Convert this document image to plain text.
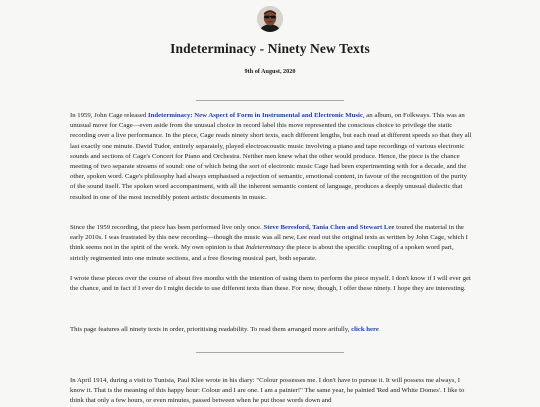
Indeterminacy - Ninety New Texts
9th of August, 2020

In 1959, John Cage released Indeterminacy: New Aspect of Form in Instrumental and Electronic Music, an album, on Folkways. This was an unusual move for Cage—even aside from the unusual choice in record label this move represented the conscious choice to privilege the static recording over a live performance. In the piece, Cage reads ninety short texts, each different lengths, but each read at different speeds so that they all last exactly one minute. David Tudor, entirely separately, played electroacoustic music involving a piano and tape recordings of various electronic sounds and sections of Cage's Concert for Piano and Orchestra. Neither men knew what the other would produce. Hence, the piece is the chance meeting of two separate streams of sound: one of which being the sort of electronic music Cage had been experimenting with for a decade, and the other, spoken word. Cage's philosophy had always emphasised a rejection of semantic, emotional content, in favour of the recognition of the purity of the sound itself. The spoken word accompaniment, with all the inherent semantic content of language, produces a deeply unusual dialectic that resulted in one of the most incredibly potent artistic documents in music.

Since the 1959 recording, the piece has been performed live only once. Steve Beresford, Tania Chen and Stewart Lee toured the material in the early 2010s. I was frustrated by this new recording—though the music was all new, Lee read out the original texts as written by John Cage, which I think seems not in the spirit of the work. My own opinion is that Indeterminacy the piece is about the specific coupling of a spoken word part, strictly regimented into one minute sections, and a free flowing musical part, both separate.

I wrote these pieces over the course of about five months with the intention of using them to perform the piece myself. I don't know if I will ever get the chance, and in fact if I ever do I might decide to use different texts than these. For now, though, I offer these ninety. I hope they are interesting.

This page features all ninety texts in order, prioritising readability. To read them arranged more artfully, click here

In April 1914, during a visit to Tunisia, Paul Klee wrote in his diary: "Colour possesses me. I don't have to pursue it. It will possess me always, I know it. That is the meaning of this happy hour: Colour and I are one. I am a painter!" The same year, he painted 'Red and White Domes'. I like to think that only a few hours, or even minutes, passed between when he put those words down and
